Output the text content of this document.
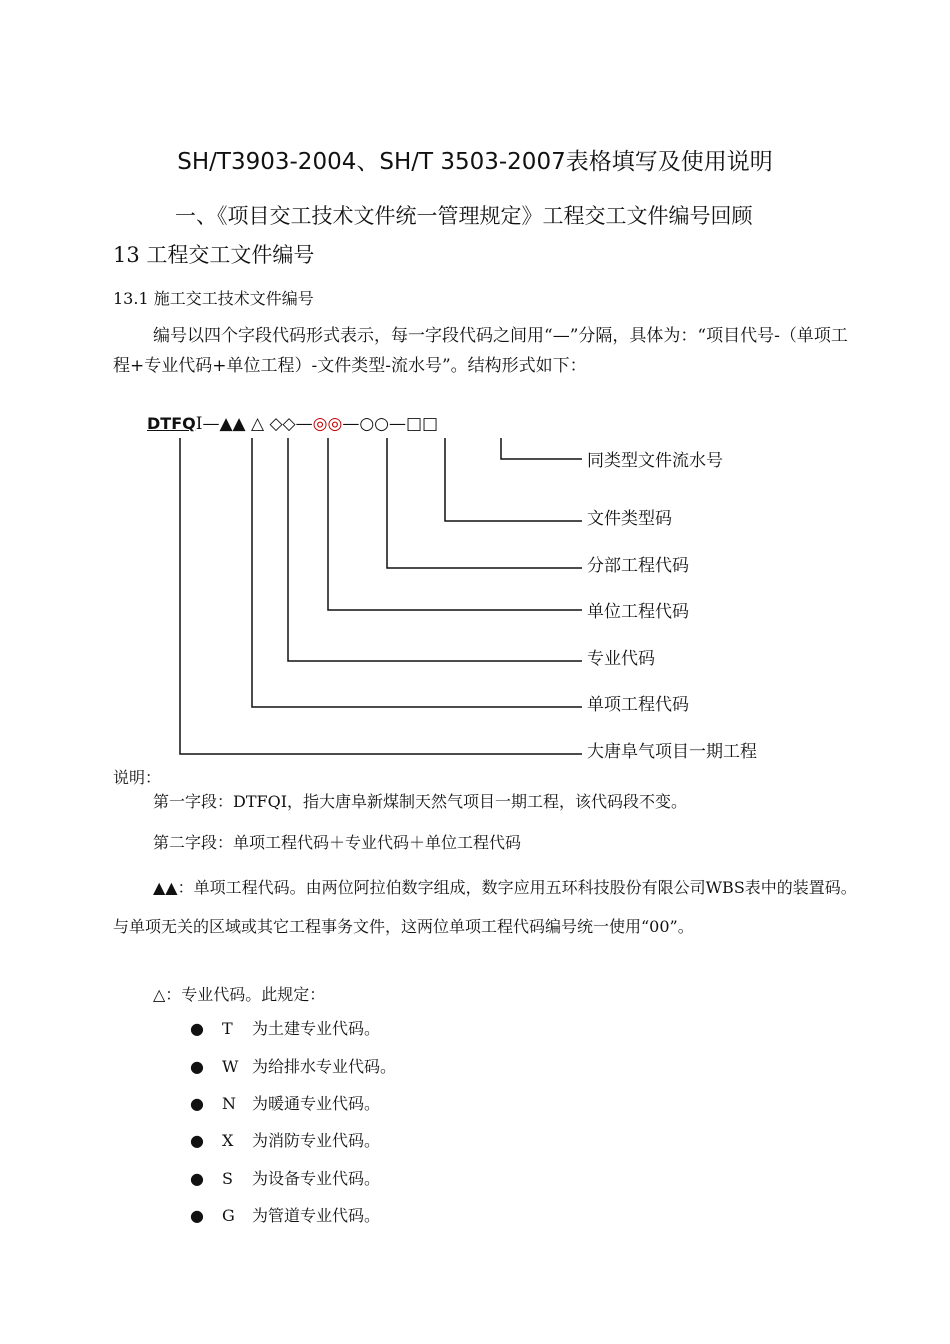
SH/T3903-2004、SH/T 3503-2007表格填写及使用说明
一、《项目交工技术文件统一管理规定》工程交工文件编号回顾
13 工程交工文件编号
13.1 施工交工技术文件编号
编号以四个字段代码形式表示，每一字段代码之间用“—”分隔，具体为：“项目代号-（单项工程+专业代码+单位工程）-文件类型-流水号”。结构形式如下：
DTFQⅠ—▲▲ △ ◇◇—◎◎—○○—□□
同类型文件流水号
文件类型码
分部工程代码
单位工程代码
专业代码
单项工程代码
大唐阜气项目一期工程
说明：
第一字段：DTFQⅠ，指大唐阜新煤制天然气项目一期工程，该代码段不变。
第二字段：单项工程代码＋专业代码＋单位工程代码
▲▲：单项工程代码。由两位阿拉伯数字组成，数字应用五环科技股份有限公司WBS表中的装置码。与单项无关的区域或其它工程事务文件，这两位单项工程代码编号统一使用“00”。
△：专业代码。此规定：
● T 为土建专业代码。
● W 为给排水专业代码。
● N 为暖通专业代码。
● X 为消防专业代码。
● S 为设备专业代码。
● G 为管道专业代码。
